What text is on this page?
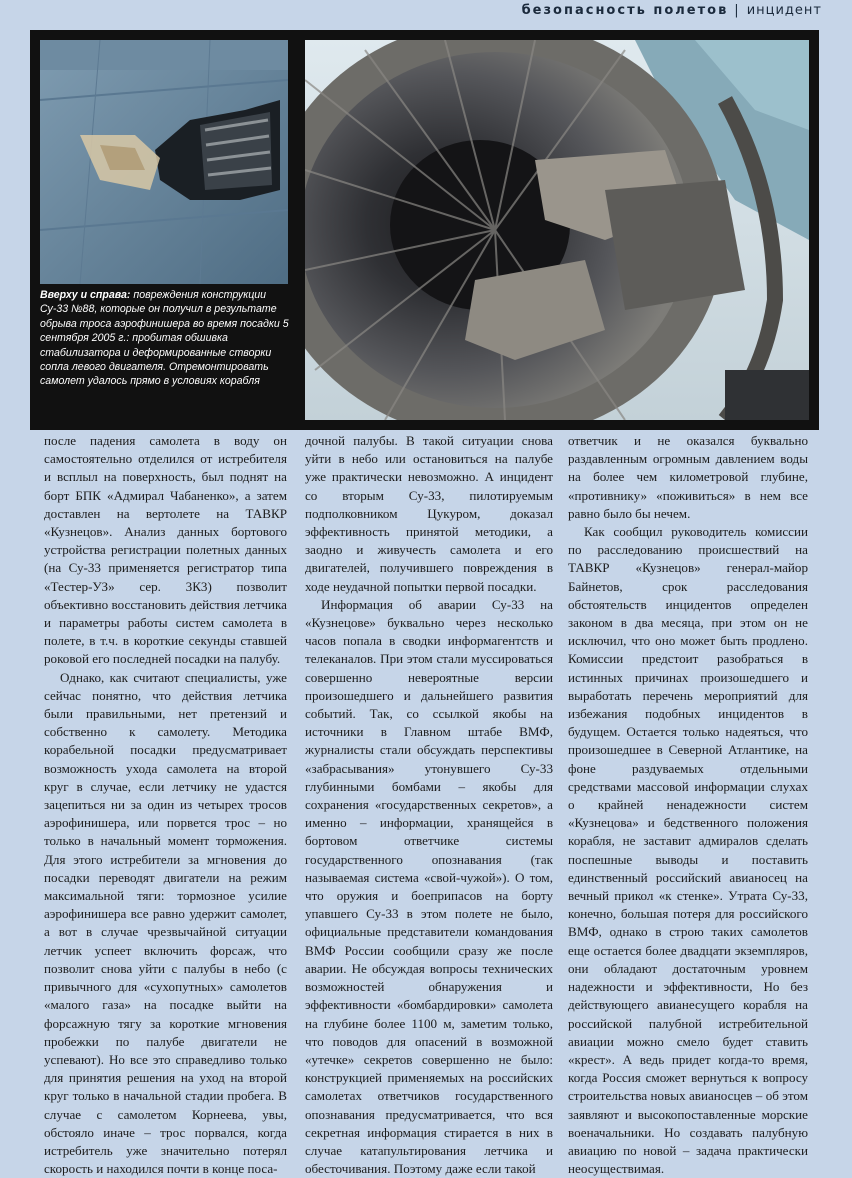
безопасность полетов | инцидент
Вверху и справа: повреждения конструкции Су-33 №88, которые он получил в результате обрыва троса аэрофинишера во время посадки 5 сентября 2005 г.: пробитая обшивка стабилизатора и деформированные створки сопла левого двигателя. Отремонтировать самолет удалось прямо в условиях корабля

после падения самолета в воду он самостоятельно отделился от истребителя и всплыл на поверхность, был поднят на борт БПК «Адмирал Чабаненко», а затем доставлен на вертолете на ТАВКР «Кузнецов». Анализ данных бортового устройства регистрации полетных данных (на Су-33 применяется регистратор типа «Тестер-УЗ» сер. 3К3) позволит объективно восстановить действия летчика и параметры работы систем самолета в полете, в т.ч. в короткие секунды ставшей роковой его последней посадки на палубу.

Однако, как считают специалисты, уже сейчас понятно, что действия летчика были правильными, нет претензий и собственно к самолету. Методика корабельной посадки предусматривает возможность ухода самолета на второй круг в случае, если летчику не удастся зацепиться ни за один из четырех тросов аэрофинишера, или порвется трос – но только в начальный момент торможения. Для этого истребители за мгновения до посадки переводят двигатели на режим максимальной тяги: тормозное усилие аэрофинишера все равно удержит самолет, а вот в случае чрезвычайной ситуации летчик успеет включить форсаж, что позволит снова уйти с палубы в небо (с привычного для «сухопутных» самолетов «малого газа» на посадке выйти на форсажную тягу за короткие мгновения пробежки по палубе двигатели не успевают). Но все это справедливо только для принятия решения на уход на второй круг только в начальной стадии пробега. В случае с самолетом Корнеева, увы, обстояло иначе – трос порвался, когда истребитель уже значительно потерял скорость и находился почти в конце поса-

дочной палубы. В такой ситуации снова уйти в небо или остановиться на палубе уже практически невозможно. А инцидент со вторым Су-33, пилотируемым подполковником Цукуром, доказал эффективность принятой методики, а заодно и живучесть самолета и его двигателей, получившего повреждения в ходе неудачной попытки первой посадки.

Информация об аварии Су-33 на «Кузнецове» буквально через несколько часов попала в сводки информагентств и телеканалов. При этом стали муссироваться совершенно невероятные версии произошедшего и дальнейшего развития событий. Так, со ссылкой якобы на источники в Главном штабе ВМФ, журналисты стали обсуждать перспективы «забрасывания» утонувшего Су-33 глубинными бомбами – якобы для сохранения «государственных секретов», а именно – информации, хранящейся в бортовом ответчике системы государственного опознавания (так называемая система «свой-чужой»). О том, что оружия и боеприпасов на борту упавшего Су-33 в этом полете не было, официальные представители командования ВМФ России сообщили сразу же после аварии. Не обсуждая вопросы технических возможностей обнаружения и эффективности «бомбардировки» самолета на глубине более 1100 м, заметим только, что поводов для опасений в возможной «утечке» секретов совершенно не было: конструкцией применяемых на российских самолетах ответчиков государственного опознавания предусматривается, что вся секретная информация стирается в них в случае катапультирования летчика и обесточивания. Поэтому даже если такой

ответчик и не оказался буквально раздавленным огромным давлением воды на более чем километровой глубине, «противнику» «поживиться» в нем все равно было бы нечем.

Как сообщил руководитель комиссии по расследованию происшествий на ТАВКР «Кузнецов» генерал-майор Байнетов, срок расследования обстоятельств инцидентов определен законом в два месяца, при этом он не исключил, что оно может быть продлено. Комиссии предстоит разобраться в истинных причинах произошедшего и выработать перечень мероприятий для избежания подобных инцидентов в будущем. Остается только надеяться, что произошедшее в Северной Атлантике, на фоне раздуваемых отдельными средствами массовой информации слухах о крайней ненадежности систем «Кузнецова» и бедственного положения корабля, не заставит адмиралов сделать поспешные выводы и поставить единственный российский авианосец на вечный прикол «к стенке». Утрата Су-33, конечно, большая потеря для российского ВМФ, однако в строю таких самолетов еще остается более двадцати экземпляров, они обладают достаточным уровнем надежности и эффективности, Но без действующего авианесущего корабля на российской палубной истребительной авиации можно смело будет ставить «крест». А ведь придет когда-то время, когда Россия сможет вернуться к вопросу строительства новых авианосцев – об этом заявляют и высокопоставленные морские военачальники. Но создавать палубную авиацию по новой – задача практически неосуществимая.
